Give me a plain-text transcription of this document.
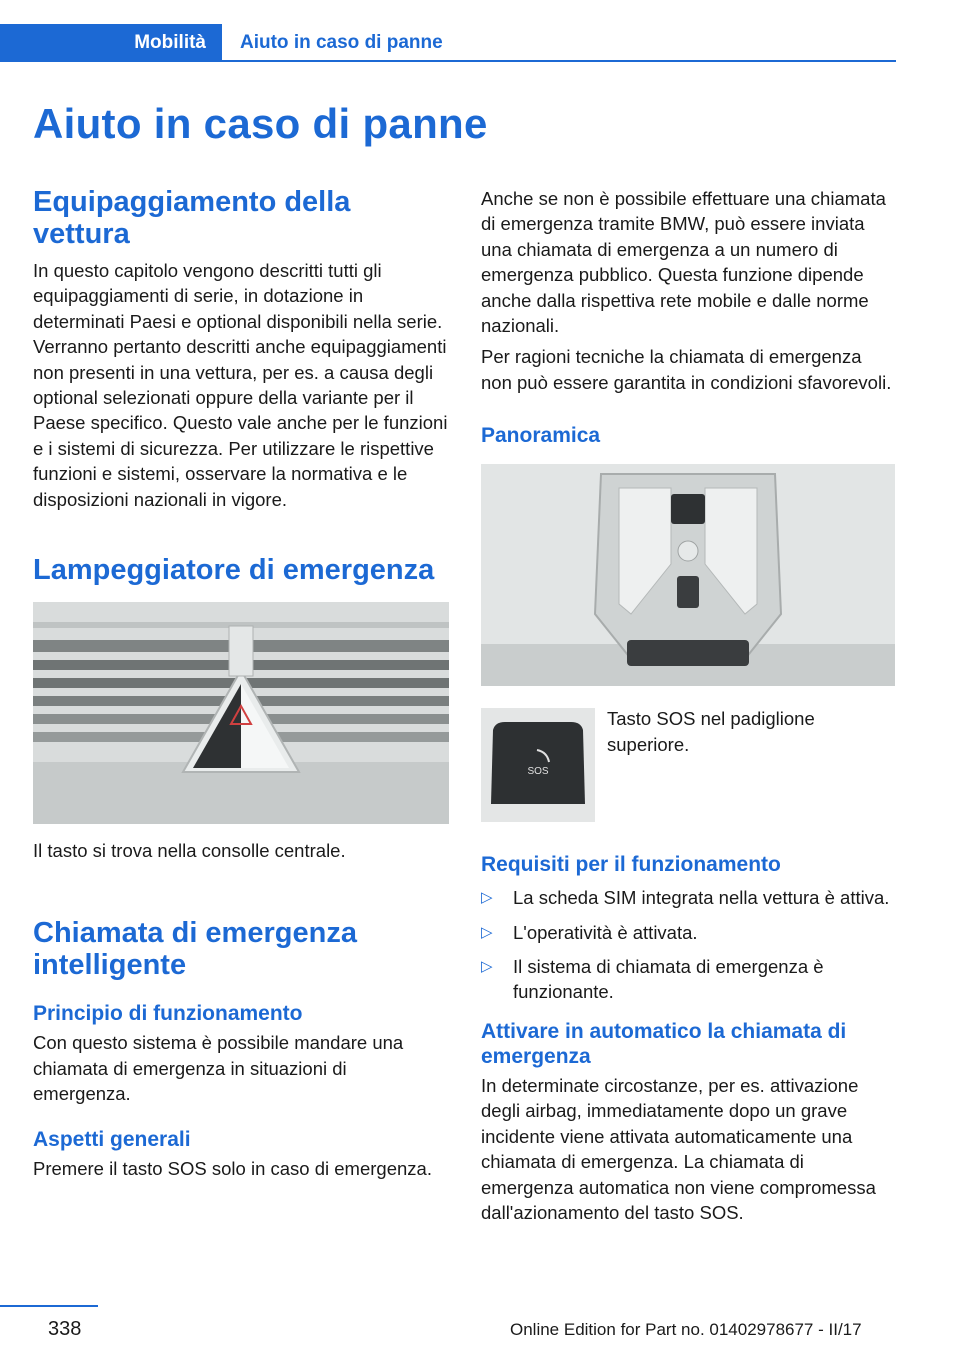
Mobilità Aiuto in caso di panne
Aiuto in caso di panne
Equipaggiamento della vettura

In questo capitolo vengono descritti tutti gli equipaggiamenti di serie, in dotazione in determinati Paesi e optional disponibili nella serie. Verranno pertanto descritti anche equipaggiamenti non presenti in una vettura, per es. a causa degli optional selezionati oppure della variante per il Paese specifico. Questo vale anche per le funzioni e i sistemi di sicurezza. Per utilizzare le rispettive funzioni e sistemi, osservare la normativa e le disposizioni nazionali in vigore.

Lampeggiatore di emergenza

Il tasto si trova nella consolle centrale.

Chiamata di emergenza intelligente
Principio di funzionamento

Con questo sistema è possibile mandare una chiamata di emergenza in situazioni di emergenza.

Aspetti generali

Premere il tasto SOS solo in caso di emergenza.

Anche se non è possibile effettuare una chiamata di emergenza tramite BMW, può essere inviata una chiamata di emergenza a un numero di emergenza pubblico. Questa funzione dipende anche dalla rispettiva rete mobile e dalle norme nazionali.

Per ragioni tecniche la chiamata di emergenza non può essere garantita in condizioni sfavorevoli.

Panoramica
SOS

Tasto SOS nel padiglione superiore.

Requisiti per il funzionamento
▷ La scheda SIM integrata nella vettura è attiva.
▷ L'operatività è attivata.
▷ Il sistema di chiamata di emergenza è funzionante.
Attivare in automatico la chiamata di emergenza

In determinate circostanze, per es. attivazione degli airbag, immediatamente dopo un grave incidente viene attivata automaticamente una chiamata di emergenza. La chiamata di emergenza automatica non viene compromessa dall'azionamento del tasto SOS.

338	Online Edition for Part no. 01402978677 - II/17
